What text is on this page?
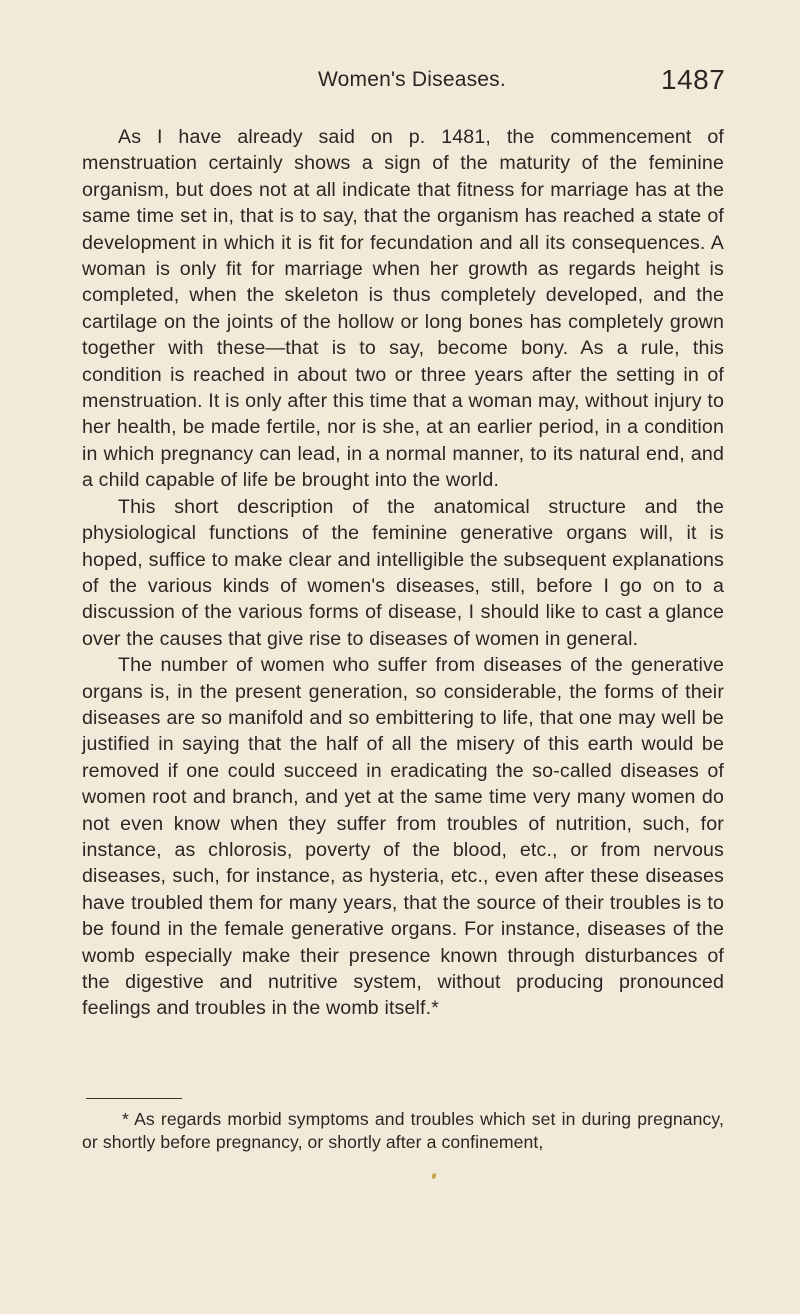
Women's Diseases.	1487

As I have already said on p. 1481, the commencement of menstruation certainly shows a sign of the maturity of the feminine organism, but does not at all indicate that fitness for marriage has at the same time set in, that is to say, that the organism has reached a state of development in which it is fit for fecundation and all its consequences. A woman is only fit for marriage when her growth as regards height is completed, when the skeleton is thus completely developed, and the cartilage on the joints of the hollow or long bones has completely grown together with these—that is to say, become bony. As a rule, this condition is reached in about two or three years after the setting in of menstruation. It is only after this time that a woman may, without injury to her health, be made fertile, nor is she, at an earlier period, in a condition in which pregnancy can lead, in a normal manner, to its natural end, and a child capable of life be brought into the world.

This short description of the anatomical structure and the physiological functions of the feminine generative organs will, it is hoped, suffice to make clear and intelligible the subsequent explanations of the various kinds of women's diseases, still, before I go on to a discussion of the various forms of disease, I should like to cast a glance over the causes that give rise to diseases of women in general.

The number of women who suffer from diseases of the generative organs is, in the present generation, so considerable, the forms of their diseases are so manifold and so embittering to life, that one may well be justified in saying that the half of all the misery of this earth would be removed if one could succeed in eradicating the so-called diseases of women root and branch, and yet at the same time very many women do not even know when they suffer from troubles of nutrition, such, for instance, as chlorosis, poverty of the blood, etc., or from nervous diseases, such, for instance, as hysteria, etc., even after these diseases have troubled them for many years, that the source of their troubles is to be found in the female generative organs. For instance, diseases of the womb especially make their presence known through disturbances of the digestive and nutritive system, without producing pronounced feelings and troubles in the womb itself.*

* As regards morbid symptoms and troubles which set in during pregnancy, or shortly before pregnancy, or shortly after a confinement,
